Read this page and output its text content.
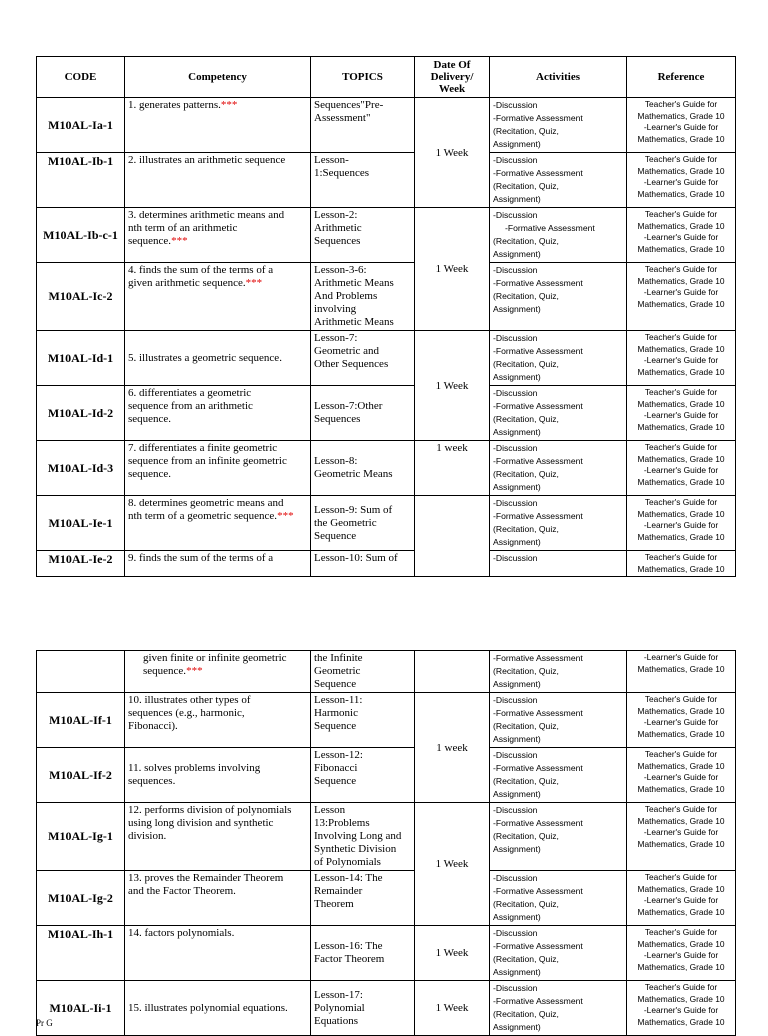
CODE	Competency	TOPICS	Date Of
Delivery/
Week	Activities	Reference
M10AL-Ia-1	1. generates patterns.***	Sequences"Pre-
Assessment"	1 Week	-Discussion
-Formative Assessment
(Recitation, Quiz,
Assignment)	Teacher's Guide for
Mathematics, Grade 10
-Learner's Guide for
Mathematics, Grade 10

M10AL-Ib-1	2. illustrates an arithmetic sequence	Lesson-
1:Sequences		-Discussion
-Formative Assessment
(Recitation, Quiz,
Assignment)	Teacher's Guide for
Mathematics, Grade 10
-Learner's Guide for
Mathematics, Grade 10

M10AL-Ib-c-1	3. determines arithmetic means and
nth term of an arithmetic
sequence.***	Lesson-2:
Arithmetic
Sequences	1 Week	-Discussion
-Formative Assessment
(Recitation, Quiz,
Assignment)	Teacher's Guide for
Mathematics, Grade 10
-Learner's Guide for
Mathematics, Grade 10

M10AL-Ic-2	4. finds the sum of the terms of a
given arithmetic sequence.***	Lesson-3-6:
Arithmetic Means
And Problems
involving
Arithmetic Means		-Discussion
-Formative Assessment
(Recitation, Quiz,
Assignment)	Teacher's Guide for
Mathematics, Grade 10
-Learner's Guide for
Mathematics, Grade 10

M10AL-Id-1	5. illustrates a geometric sequence.	Lesson-7:
Geometric and
Other Sequences	1 Week	-Discussion
-Formative Assessment
(Recitation, Quiz,
Assignment)	Teacher's Guide for
Mathematics, Grade 10
-Learner's Guide for
Mathematics, Grade 10

M10AL-Id-2	6. differentiates a geometric
sequence from an arithmetic
sequence.	Lesson-7:Other
Sequences		-Discussion
-Formative Assessment
(Recitation, Quiz,
Assignment)	Teacher's Guide for
Mathematics, Grade 10
-Learner's Guide for
Mathematics, Grade 10

M10AL-Id-3	7. differentiates a finite geometric
sequence from an infinite geometric
sequence.	Lesson-8:
Geometric Means	1 week	-Discussion
-Formative Assessment
(Recitation, Quiz,
Assignment)	Teacher's Guide for
Mathematics, Grade 10
-Learner's Guide for
Mathematics, Grade 10

M10AL-Ie-1	8. determines geometric means and
nth term of a geometric sequence.***	Lesson-9: Sum of
the Geometric
Sequence		-Discussion
-Formative Assessment
(Recitation, Quiz,
Assignment)	Teacher's Guide for
Mathematics, Grade 10
-Learner's Guide for
Mathematics, Grade 10

M10AL-Ie-2	9. finds the sum of the terms of a	Lesson-10: Sum of		-Discussion	Teacher's Guide for
Mathematics, Grade 10

	given finite or infinite geometric
sequence.***	the Infinite
Geometric
Sequence		-Formative Assessment
(Recitation, Quiz,
Assignment)	-Learner's Guide for
Mathematics, Grade 10

M10AL-If-1	10. illustrates other types of
sequences (e.g., harmonic,
Fibonacci).	Lesson-11:
Harmonic
Sequence	1 week	-Discussion
-Formative Assessment
(Recitation, Quiz,
Assignment)	Teacher's Guide for
Mathematics, Grade 10
-Learner's Guide for
Mathematics, Grade 10

M10AL-If-2	11. solves problems involving
sequences.	Lesson-12:
Fibonacci
Sequence		-Discussion
-Formative Assessment
(Recitation, Quiz,
Assignment)	Teacher's Guide for
Mathematics, Grade 10
-Learner's Guide for
Mathematics, Grade 10

M10AL-Ig-1	12. performs division of polynomials
using long division and synthetic
division.	Lesson
13:Problems
Involving Long and
Synthetic Division
of Polynomials	1 Week	-Discussion
-Formative Assessment
(Recitation, Quiz,
Assignment)	Teacher's Guide for
Mathematics, Grade 10
-Learner's Guide for
Mathematics, Grade 10

M10AL-Ig-2	13. proves the Remainder Theorem
and the Factor Theorem.	Lesson-14: The
Remainder
Theorem		-Discussion
-Formative Assessment
(Recitation, Quiz,
Assignment)	Teacher's Guide for
Mathematics, Grade 10
-Learner's Guide for
Mathematics, Grade 10

M10AL-Ih-1	14. factors polynomials.	Lesson-16: The
Factor Theorem	1 Week	-Discussion
-Formative Assessment
(Recitation, Quiz,
Assignment)	Teacher's Guide for
Mathematics, Grade 10
-Learner's Guide for
Mathematics, Grade 10

M10AL-Ii-1	15. illustrates polynomial equations.	Lesson-17:
Polynomial
Equations	1 Week	-Discussion
-Formative Assessment
(Recitation, Quiz,
Assignment)	Teacher's Guide for
Mathematics, Grade 10
-Learner's Guide for
Mathematics, Grade 10
Pr G
